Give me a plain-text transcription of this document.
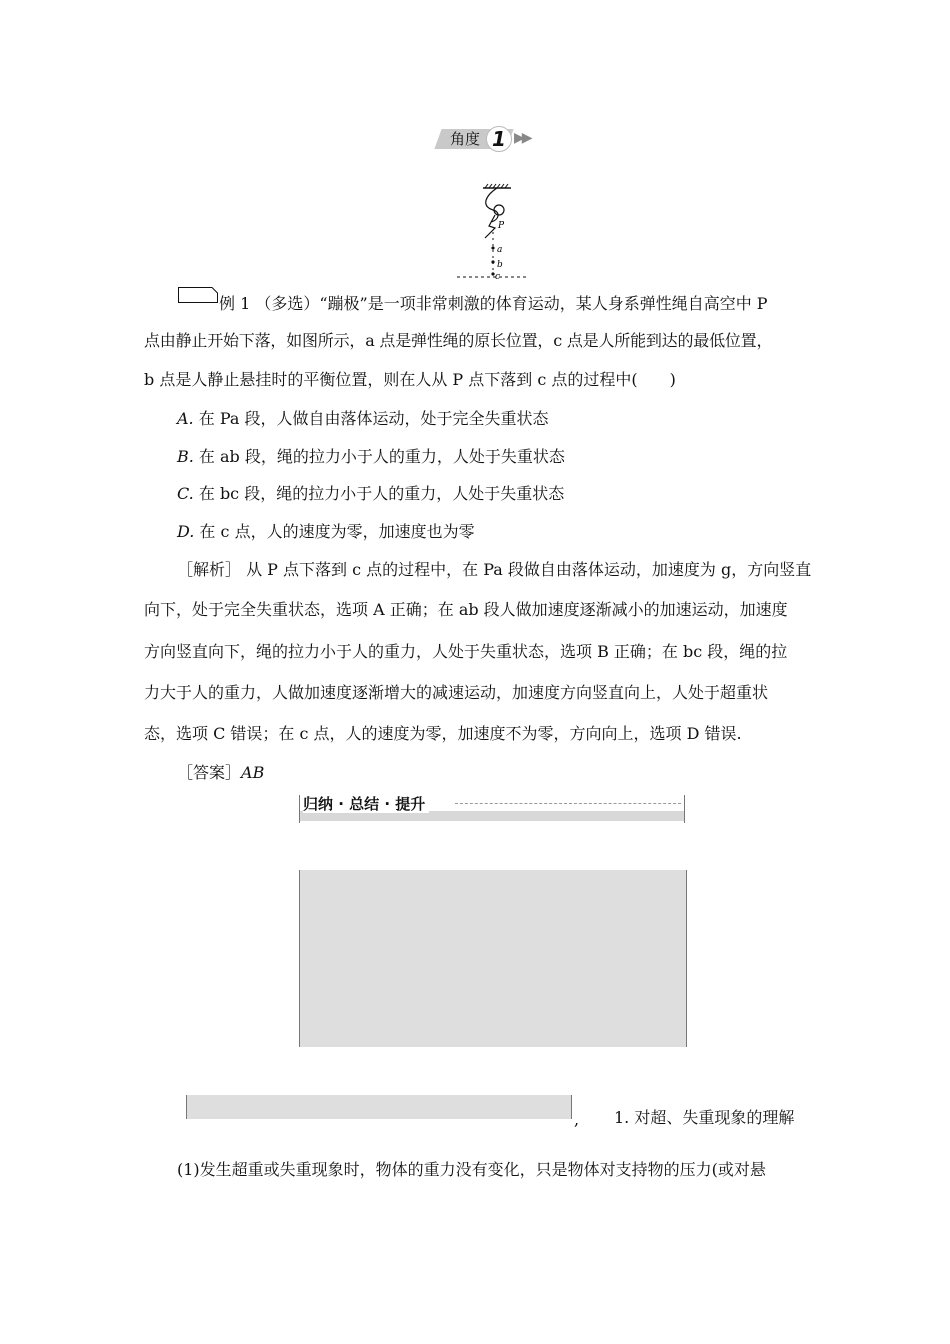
角度 1 ▶▶
P
a
b
c
例 1 （多选）“蹦极”是一项非常刺激的体育运动，某人身系弹性绳自高空中 P
点由静止开始下落，如图所示，a 点是弹性绳的原长位置，c 点是人所能到达的最低位置，
b 点是人静止悬挂时的平衡位置，则在人从 P 点下落到 c 点的过程中(　　)
A. 在 Pa 段，人做自由落体运动，处于完全失重状态
B. 在 ab 段，绳的拉力小于人的重力，人处于失重状态
C. 在 bc 段，绳的拉力小于人的重力，人处于失重状态
D. 在 c 点，人的速度为零，加速度也为零
［解析］ 从 P 点下落到 c 点的过程中，在 Pa 段做自由落体运动，加速度为 g，方向竖直
向下，处于完全失重状态，选项 A 正确；在 ab 段人做加速度逐渐减小的加速运动，加速度
方向竖直向下，绳的拉力小于人的重力，人处于失重状态，选项 B 正确；在 bc 段，绳的拉
力大于人的重力，人做加速度逐渐增大的减速运动，加速度方向竖直向上，人处于超重状
态，选项 C 错误；在 c 点，人的速度为零，加速度不为零，方向向上，选项 D 错误.
［答案］AB
归纳 · 总结 · 提升
, 1. 对超、失重现象的理解
(1)发生超重或失重现象时，物体的重力没有变化，只是物体对支持物的压力(或对悬
